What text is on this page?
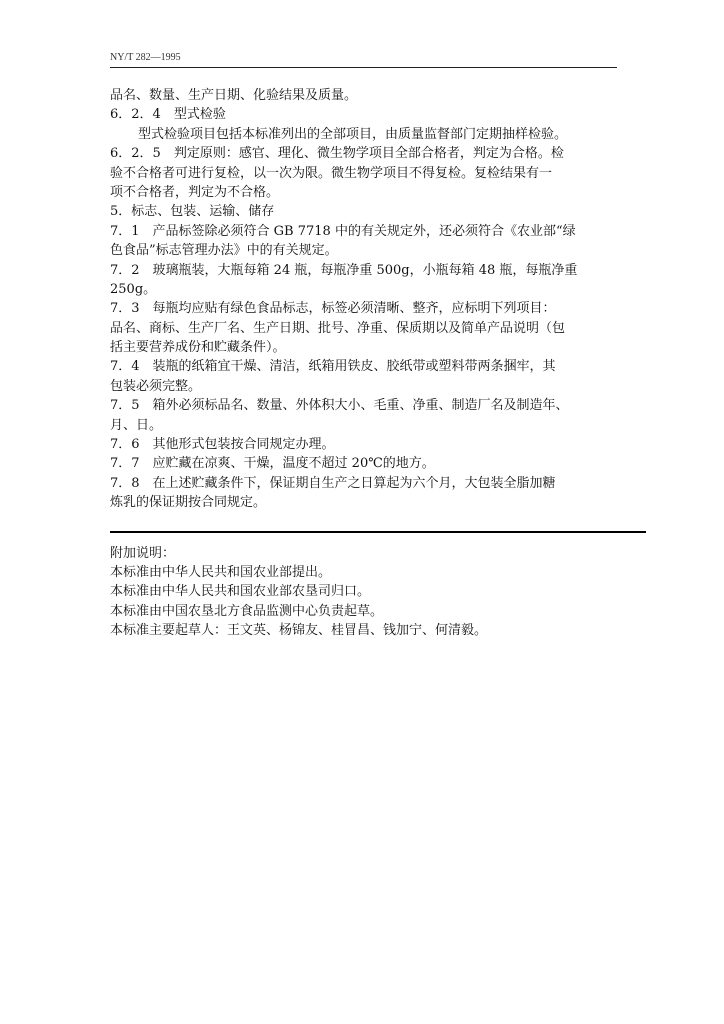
NY/T 282—1995
品名、数量、生产日期、化验结果及质量。
6．2．4　型式检验
型式检验项目包括本标准列出的全部项目，由质量监督部门定期抽样检验。
6．2．5　判定原则：感官、理化、微生物学项目全部合格者，判定为合格。检
验不合格者可进行复检，以一次为限。微生物学项目不得复检。复检结果有一
项不合格者，判定为不合格。
5．标志、包装、运输、储存
7．1　产品标签除必须符合 GB 7718 中的有关规定外，还必须符合《农业部“绿
色食品”标志管理办法》中的有关规定。
7．2　玻璃瓶装，大瓶每箱 24 瓶，每瓶净重 500g，小瓶每箱 48 瓶，每瓶净重
250g。
7．3　每瓶均应贴有绿色食品标志，标签必须清晰、整齐，应标明下列项目：
品名、商标、生产厂名、生产日期、批号、净重、保质期以及简单产品说明（包
括主要营养成份和贮藏条件）。
7．4　装瓶的纸箱宜干燥、清洁，纸箱用铁皮、胶纸带或塑料带两条捆牢，其
包装必须完整。
7．5　箱外必须标品名、数量、外体积大小、毛重、净重、制造厂名及制造年、
月、日。
7．6　其他形式包装按合同规定办理。
7．7　应贮藏在凉爽、干燥，温度不超过 20℃的地方。
7．8　在上述贮藏条件下，保证期自生产之日算起为六个月，大包装全脂加糖
炼乳的保证期按合同规定。
附加说明：
本标准由中华人民共和国农业部提出。
本标准由中华人民共和国农业部农垦司归口。
本标准由中国农垦北方食品监测中心负责起草。
本标准主要起草人：王文英、杨锦友、桂冒昌、钱加宁、何清毅。
